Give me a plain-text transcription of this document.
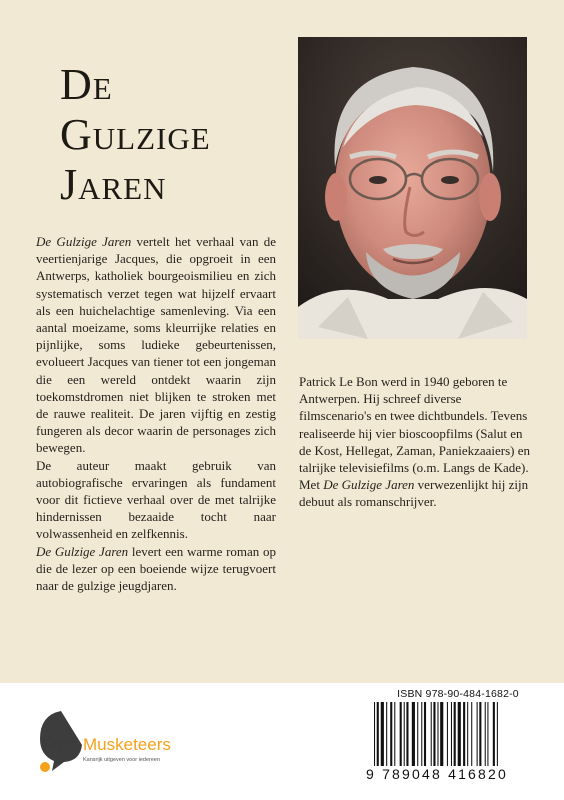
De
Gulzige
Jaren

De Gulzige Jaren vertelt het verhaal van de veertienjarige Jacques, die opgroeit in een Antwerps, katholiek bourgeoismilieu en zich systematisch verzet tegen wat hijzelf ervaart als een huichelachtige samenleving. Via een aantal moeizame, soms kleurrijke relaties en pijnlijke, soms ludieke gebeurtenissen, evolueert Jacques van tiener tot een jongeman die een wereld ontdekt waarin zijn toekomstdromen niet blijken te stroken met de rauwe realiteit. De jaren vijftig en zestig fungeren als decor waarin de personages zich bewegen.

De auteur maakt gebruik van autobiografische ervaringen als fundament voor dit fictieve verhaal over de met talrijke hindernissen bezaaide tocht naar volwassenheid en zelfkennis.

De Gulzige Jaren levert een warme roman op die de lezer op een boeiende wijze terugvoert naar de gulzige jeugdjaren.

Patrick Le Bon werd in 1940 geboren te Antwerpen. Hij schreef diverse filmscenario's en twee dichtbundels. Tevens realiseerde hij vier bioscoopfilms (Salut en de Kost, Hellegat, Zaman, Paniekzaaiers) en talrijke televisiefilms (o.m. Langs de Kade).

Met De Gulzige Jaren verwezenlijkt hij zijn debuut als romanschrijver.

Free Musketeers
Kansrijk uitgeven voor iedereen
ISBN 978-90-484-1682-0
9 789048 416820
